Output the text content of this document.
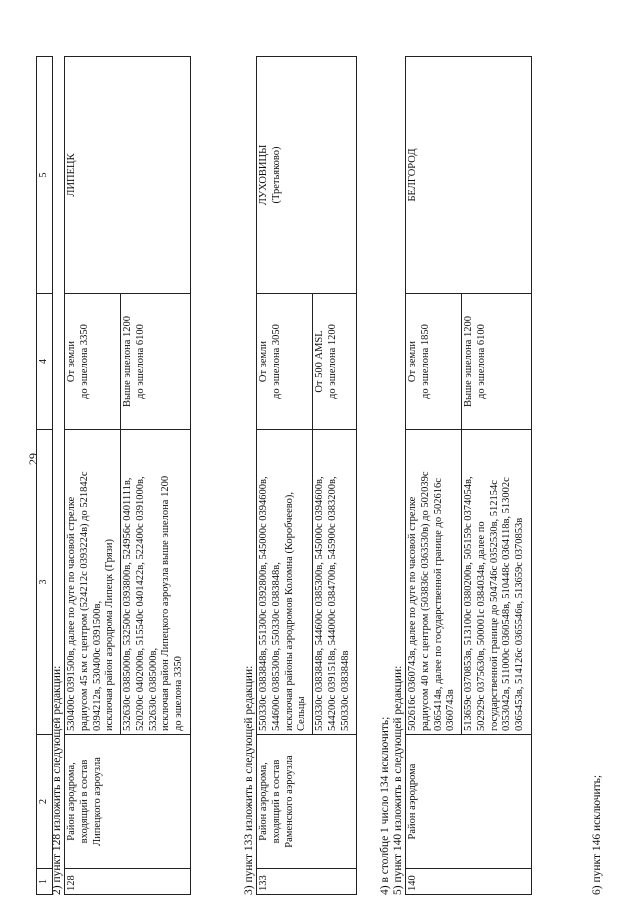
29
1	2	3	4	5
2) пункт 128 изложить в следующей редакции: 128	Район аэродрома, входящий в состав Липецкого аэроузла	530400с 0391500в, далее по дуге по часовой стрелке радиусом 45 км с центром (524212с 0393224в) до 521842с 0394212в, 530400с 0391500в, исключая район аэродрома Липецк (Грязи)	От земли до эшелона 3350	ЛИПЕЦК

		532630с 0385000в, 532500с 0393800в, 524956с 0401111в, 520200с 0402000в, 515540с 0401422в, 522400с 0391000в, 532630с 0385000в, исключая район Липецкого аэроузла выше эшелона 1200 до эшелона 3350	Выше эшелона 1200 до эшелона 6100	
3) пункт 133 изложить в следующей редакции: 133	Район аэродрома, входящий в состав Раменского аэроузла	550330с 0383848в, 551300с 0392800в, 545000с 0394600в, 544600с 0385300в, 550330с 0383848в, исключая районы аэродромов Коломна (Коробчеево), Сельцы	От земли до эшелона 3050	ЛУХОВИЦЫ (Третьяково)

		550330с 0383848в, 544600с 0385300в, 545000с 0394600в, 544200с 0391518в, 544000с 0384700в, 545900с 0383200в, 550330с 0383848в	От 500 AMSL до эшелона 1200	
4) в столбце 1 число 134 исключить; 5) пункт 140 изложить в следующей редакции: 140	Район аэродрома	502616с 0360743в, далее по дуге по часовой стрелке радиусом 40 км с центром (503836с 0363530в) до 502039с 0365414в, далее по государственной границе до 502616с 0360743в	От земли до эшелона 1850	БЕЛГОРОД

		513659с 0370853в, 513100с 0380200в, 505159с 0374054в, 502929с 0375630в, 500001с 0384034в, далее по государственной границе до 504746с 0352530в, 512154с 0353042в, 511000с 0360548в, 510448с 0364118в, 513002с 0365453в, 514126с 0365546в, 513659с 0370853в	Выше эшелона 1200 до эшелона 6100	
6) пункт 146 исключить;
